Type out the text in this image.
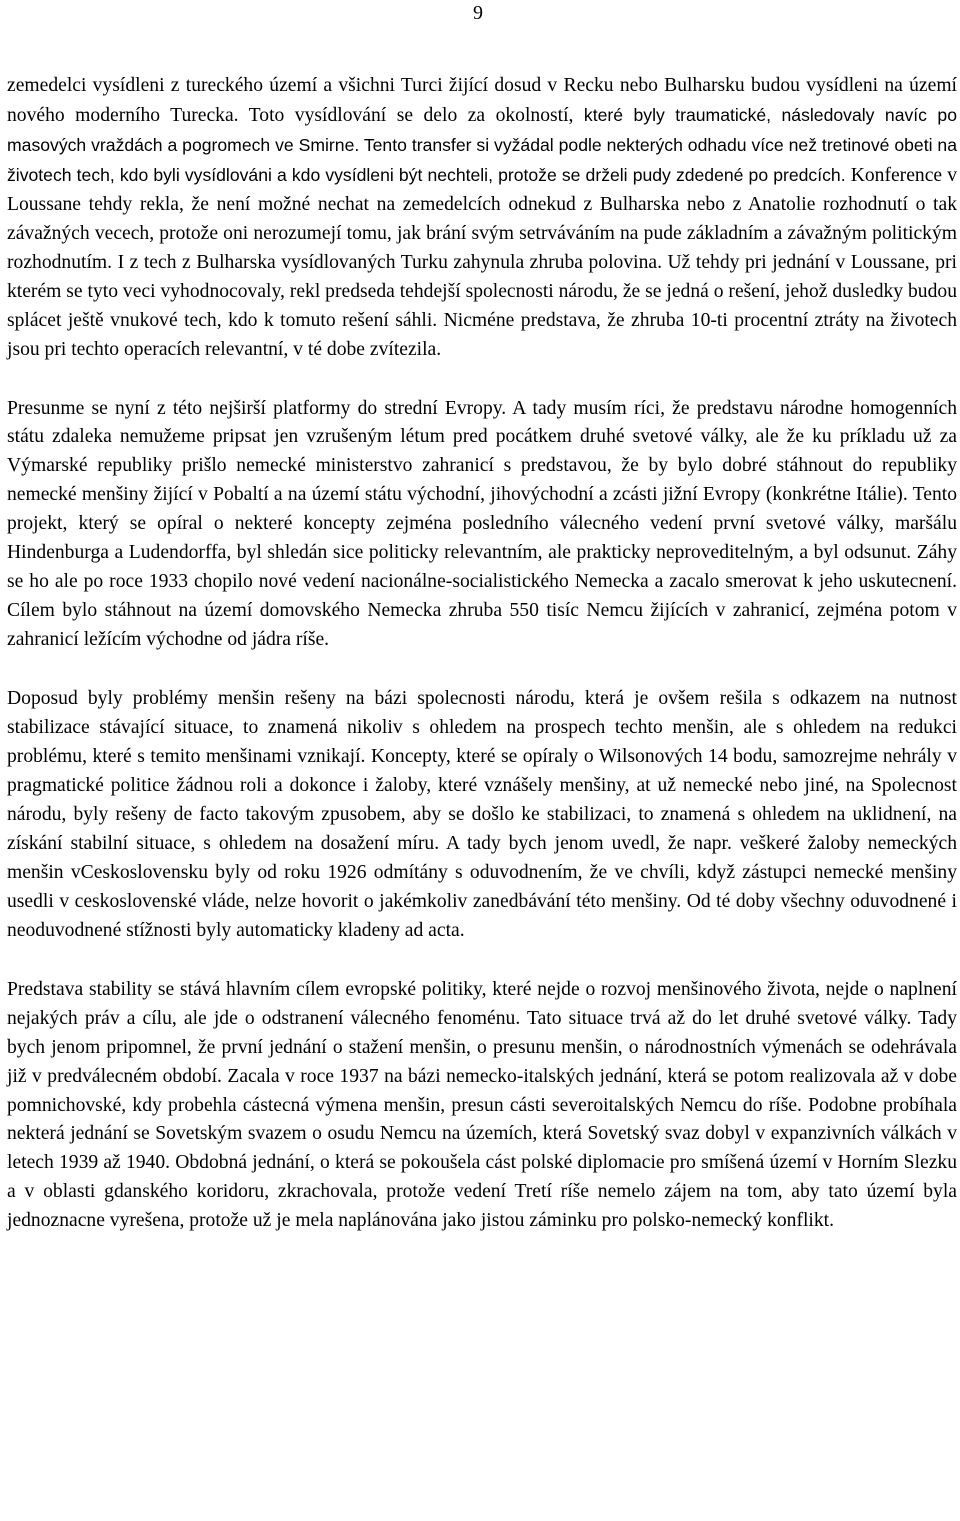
9

zemedelci vysídleni z tureckého území a všichni Turci žijící dosud v Recku nebo Bulharsku budou vysídleni na území nového moderního Turecka. Toto vysídlování se delo za okolností, které byly traumatické, následovaly navíc po masových vraždách a pogromech ve Smirne. Tento transfer si vyžádal podle nekterých odhadu více než tretinové obeti na životech tech, kdo byli vysídlováni a kdo vysídleni být nechteli, protože se drželi pudy zdedené po predcích. Konference v Loussane tehdy rekla, že není možné nechat na zemedelcích odnekud z Bulharska nebo z Anatolie rozhodnutí o tak závažných vecech, protože oni nerozumejí tomu, jak brání svým setrváváním na pude základním a závažným politickým rozhodnutím. I z tech z Bulharska vysídlovaných Turku zahynula zhruba polovina. Už tehdy pri jednání v Loussane, pri kterém se tyto veci vyhodnocovaly, rekl predseda tehdejší spolecnosti národu, že se jedná o rešení, jehož dusledky budou splácet ještě vnukové tech, kdo k tomuto rešení sáhli. Nicméne predstava, že zhruba 10-ti procentní ztráty na životech jsou pri techto operacích relevantní, v té dobe zvítezila.

Presunme se nyní z této nejširší platformy do strední Evropy. A tady musím ríci, že predstavu národne homogenních státu zdaleka nemužeme pripsat jen vzrušeným létum pred pocátkem druhé svetové války, ale že ku príkladu už za Výmarské republiky prišlo nemecké ministerstvo zahranicí s predstavou, že by bylo dobré stáhnout do republiky nemecké menšiny žijící v Pobaltí a na území státu východní, jihovýchodní a zcásti jižní Evropy (konkrétne Itálie). Tento projekt, který se opíral o nekteré koncepty zejména posledního válecného vedení první svetové války, maršálu Hindenburga a Ludendorffa, byl shledán sice politicky relevantním, ale prakticky neproveditelným, a byl odsunut. Záhy se ho ale po roce 1933 chopilo nové vedení nacionálne-socialistického Nemecka a zacalo smerovat k jeho uskutecnení. Cílem bylo stáhnout na území domovského Nemecka zhruba 550 tisíc Nemcu žijících v zahranicí, zejména potom v zahranicí ležícím východne od jádra ríše.

Doposud byly problémy menšin rešeny na bázi spolecnosti národu, která je ovšem rešila s odkazem na nutnost stabilizace stávající situace, to znamená nikoliv s ohledem na prospech techto menšin, ale s ohledem na redukci problému, které s temito menšinami vznikají. Koncepty, které se opíraly o Wilsonových 14 bodu, samozrejme nehrály v pragmatické politice žádnou roli a dokonce i žaloby, které vznášely menšiny, at už nemecké nebo jiné, na Spolecnost národu, byly rešeny de facto takovým zpusobem, aby se došlo ke stabilizaci, to znamená s ohledem na uklidnení, na získání stabilní situace, s ohledem na dosažení míru. A tady bych jenom uvedl, že napr. veškeré žaloby nemeckých menšin vCeskoslovensku byly od roku 1926 odmítány s oduvodnením, že ve chvíli, když zástupci nemecké menšiny usedli v ceskoslovenské vláde, nelze hovorit o jakémkoliv zanedbávání této menšiny. Od té doby všechny oduvodnené i neoduvodnené stížnosti byly automaticky kladeny ad acta.

Predstava stability se stává hlavním cílem evropské politiky, které nejde o rozvoj menšinového života, nejde o naplnení nejakých práv a cílu, ale jde o odstranení válecného fenoménu. Tato situace trvá až do let druhé svetové války. Tady bych jenom pripomnel, že první jednání o stažení menšin, o presunu menšin, o národnostních výmenách se odehrávala již v predválecném období. Zacala v roce 1937 na bázi nemecko-italských jednání, která se potom realizovala až v dobe pomnichovské, kdy probehla cástecná výmena menšin, presun cásti severoitalských Nemcu do ríše. Podobne probíhala nekterá jednání se Sovetským svazem o osudu Nemcu na územích, která Sovetský svaz dobyl v expanzivních válkách v letech 1939 až 1940. Obdobná jednání, o která se pokoušela cást polské diplomacie pro smíšená území v Horním Slezku a v oblasti gdanského koridoru, zkrachovala, protože vedení Tretí ríše nemelo zájem na tom, aby tato území byla jednoznacne vyrešena, protože už je mela naplánována jako jistou záminku pro polsko-nemecký konflikt.
